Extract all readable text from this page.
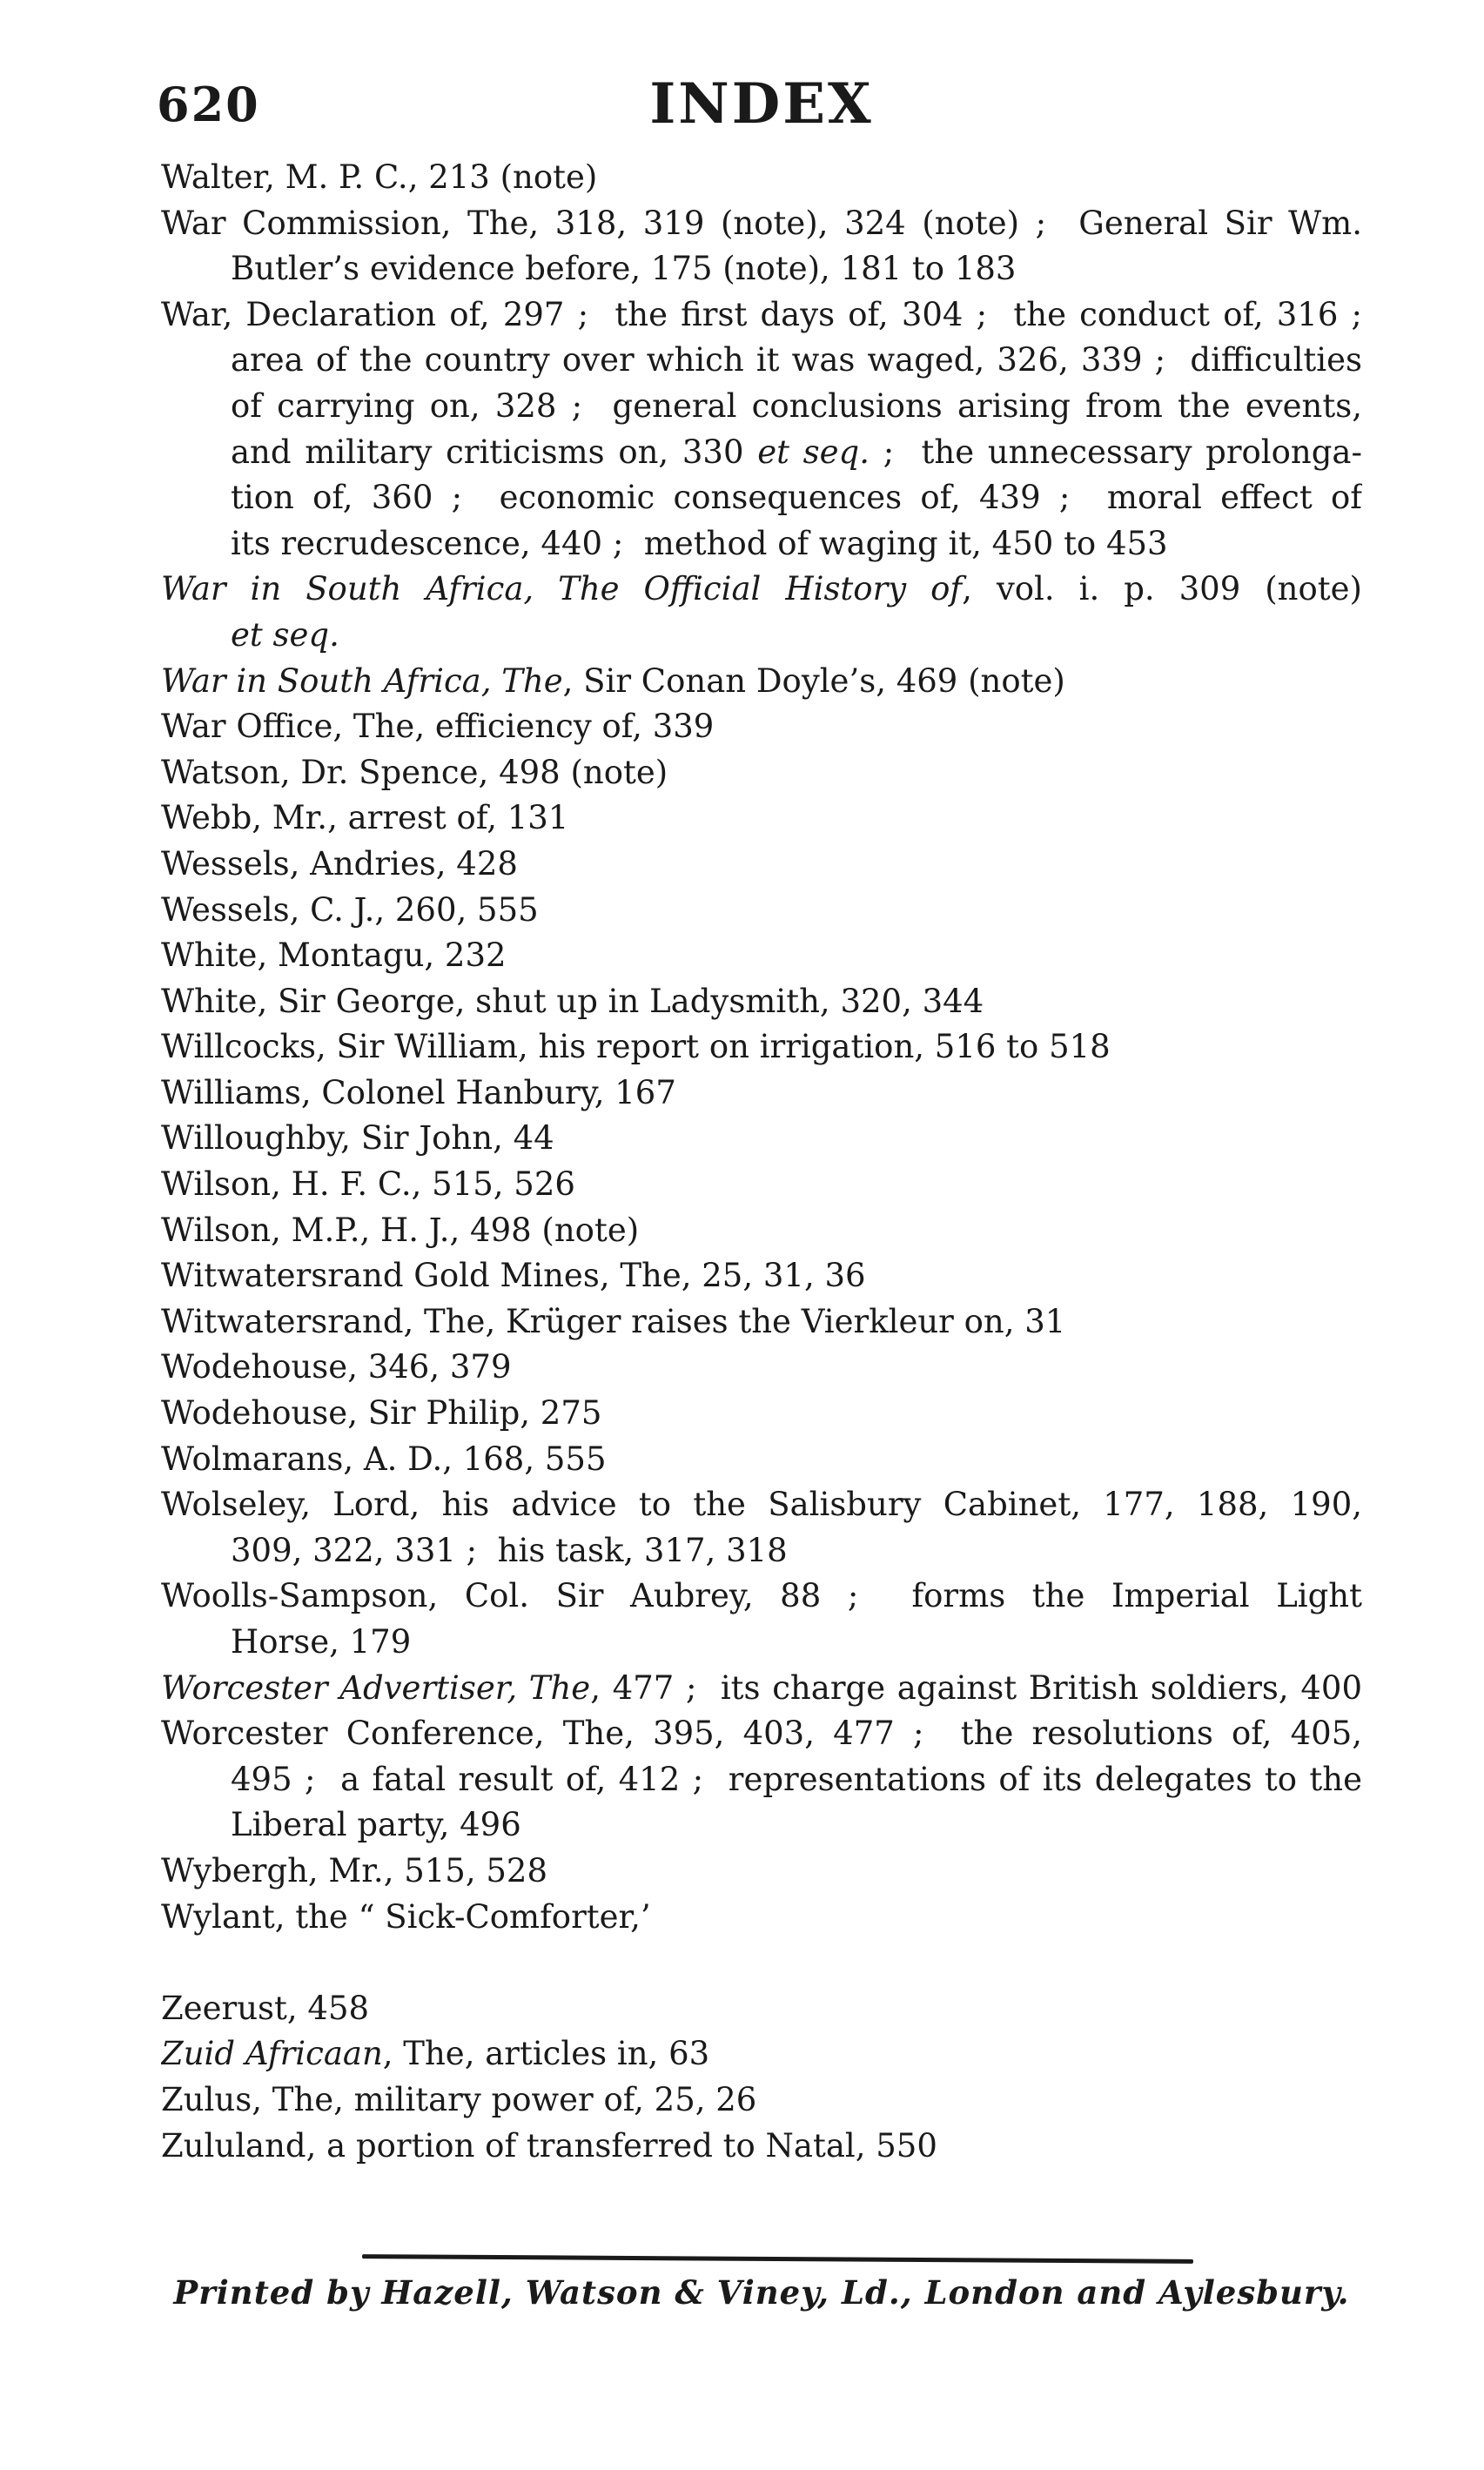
620	INDEX
Walter, M. P. C., 213 (note)
War Commission, The, 318, 319 (note), 324 (note) ;  General Sir Wm.
Butler’s evidence before, 175 (note), 181 to 183
War, Declaration of, 297 ;  the first days of, 304 ;  the conduct of, 316 ;
area of the country over which it was waged, 326, 339 ;  difficulties
of carrying on, 328 ;  general conclusions arising from the events,
and military criticisms on, 330 et seq. ;  the unnecessary prolonga-
tion of, 360 ;  economic consequences of, 439 ;  moral effect of
its recrudescence, 440 ;  method of waging it, 450 to 453
War in South Africa, The Official History of, vol. i. p. 309 (note)
et seq.
War in South Africa, The, Sir Conan Doyle’s, 469 (note)
War Office, The, efficiency of, 339
Watson, Dr. Spence, 498 (note)
Webb, Mr., arrest of, 131
Wessels, Andries, 428
Wessels, C. J., 260, 555
White, Montagu, 232
White, Sir George, shut up in Ladysmith, 320, 344
Willcocks, Sir William, his report on irrigation, 516 to 518
Williams, Colonel Hanbury, 167
Willoughby, Sir John, 44
Wilson, H. F. C., 515, 526
Wilson, M.P., H. J., 498 (note)
Witwatersrand Gold Mines, The, 25, 31, 36
Witwatersrand, The, Krüger raises the Vierkleur on, 31
Wodehouse, 346, 379
Wodehouse, Sir Philip, 275
Wolmarans, A. D., 168, 555
Wolseley, Lord, his advice to the Salisbury Cabinet, 177, 188, 190,
309, 322, 331 ;  his task, 317, 318
Woolls-Sampson, Col. Sir Aubrey, 88 ;  forms the Imperial Light
Horse, 179
Worcester Advertiser, The, 477 ;  its charge against British soldiers, 400
Worcester Conference, The, 395, 403, 477 ;  the resolutions of, 405,
495 ;  a fatal result of, 412 ;  representations of its delegates to the
Liberal party, 496
Wybergh, Mr., 515, 528
Wylant, the “ Sick-Comforter,’
Zeerust, 458
Zuid Africaan, The, articles in, 63
Zulus, The, military power of, 25, 26
Zululand, a portion of transferred to Natal, 550
Printed by Hazell, Watson & Viney, Ld., London and Aylesbury.
